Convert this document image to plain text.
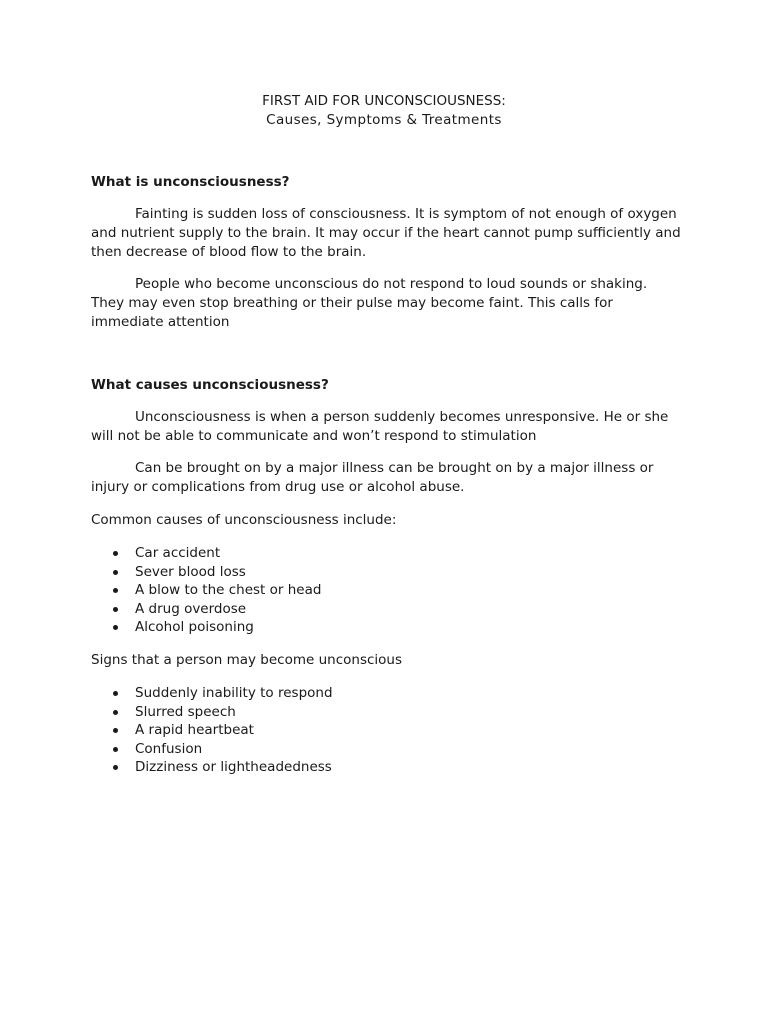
FIRST AID FOR UNCONSCIOUSNESS:
Causes, Symptoms & Treatments
What is unconsciousness?
Fainting is sudden loss of consciousness. It is symptom of not enough of oxygen and nutrient supply to the brain. It may occur if the heart cannot pump sufficiently and then decrease of blood flow to the brain.
People who become unconscious do not respond to loud sounds or shaking. They may even stop breathing or their pulse may become faint. This calls for immediate attention
What causes unconsciousness?
Unconsciousness is when a person suddenly becomes unresponsive. He or she will not be able to communicate and won’t respond to stimulation
Can be brought on by a major illness can be brought on by a major illness or injury or complications from drug use or alcohol abuse.
Common causes of unconsciousness include:
Car accident
Sever blood loss
A blow to the chest or head
A drug overdose
Alcohol poisoning
Signs that a person may become unconscious
Suddenly inability to respond
Slurred speech
A rapid heartbeat
Confusion
Dizziness or lightheadedness
